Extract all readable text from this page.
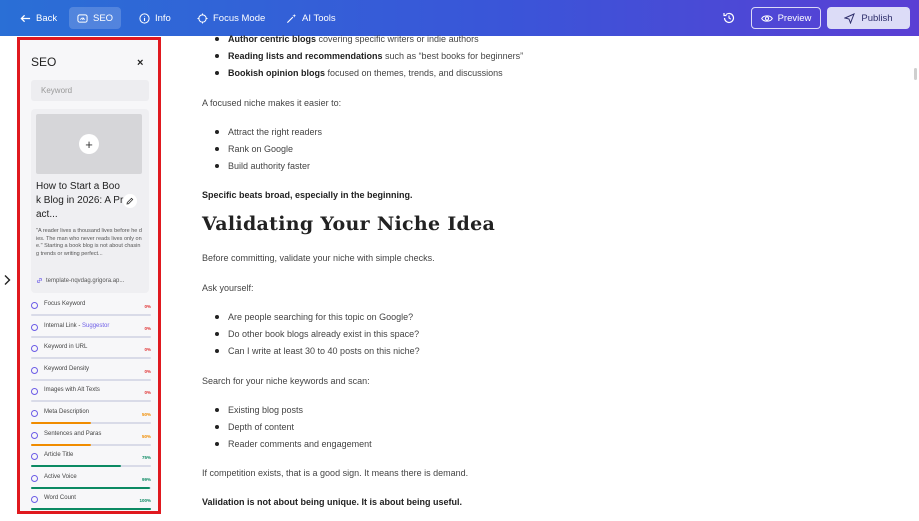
Back	SEO	Info	Focus Mode	AI Tools	Preview	Publish
SEO	×
Keyword
+
How to Start a Book Blog in 2026: A Pract...
"A reader lives a thousand lives before he dies. The man who never reads lives only one." Starting a book blog is not about chasing trends or writing perfect...
template-nqvdag.grigora.ap...
Focus Keyword	0%
Internal Link - Suggestor	0%
Keyword in URL	0%
Keyword Density	0%
Images with Alt Texts	0%
Meta Description	50%
Sentences and Paras	50%
Article Title	75%
Active Voice	99%
Word Count	100%
Author centric blogs covering specific writers or indie authors
Reading lists and recommendations such as “best books for beginners”
Bookish opinion blogs focused on themes, trends, and discussions
A focused niche makes it easier to:
Attract the right readers
Rank on Google
Build authority faster
Specific beats broad, especially in the beginning.
Validating Your Niche Idea
Before committing, validate your niche with simple checks.
Ask yourself:
Are people searching for this topic on Google?
Do other book blogs already exist in this space?
Can I write at least 30 to 40 posts on this niche?
Search for your niche keywords and scan:
Existing blog posts
Depth of content
Reader comments and engagement
If competition exists, that is a good sign. It means there is demand.
Validation is not about being unique. It is about being useful.
